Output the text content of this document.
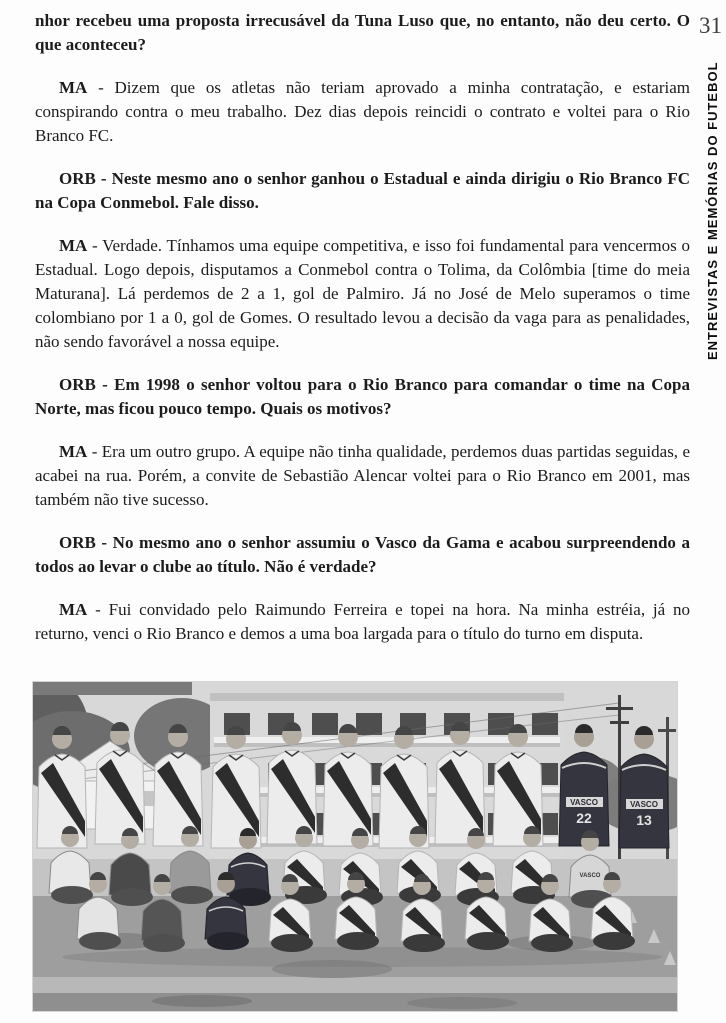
31
ENTREVISTAS E MEMÓRIAS DO FUTEBOL

nhor recebeu uma proposta irrecusável da Tuna Luso que, no entanto, não deu certo. O que aconteceu?

MA - Dizem que os atletas não teriam aprovado a minha contratação, e estariam conspirando contra o meu trabalho. Dez dias depois reincidi o contrato e voltei para o Rio Branco FC.

ORB - Neste mesmo ano o senhor ganhou o Estadual e ainda dirigiu o Rio Branco FC na Copa Conmebol. Fale disso.

MA - Verdade. Tínhamos uma equipe competitiva, e isso foi fundamental para vencermos o Estadual. Logo depois, disputamos a Conmebol contra o Tolima, da Colômbia [time do meia Maturana]. Lá perdemos de 2 a 1, gol de Palmiro. Já no José de Melo superamos o time colombiano por 1 a 0, gol de Gomes. O resultado levou a decisão da vaga para as penalidades, não sendo favorável a nossa equipe.

ORB - Em 1998 o senhor voltou para o Rio Branco para comandar o time na Copa Norte, mas ficou pouco tempo. Quais os motivos?

MA - Era um outro grupo. A equipe não tinha qualidade, perdemos duas partidas seguidas, e acabei na rua. Porém, a convite de Sebastião Alencar voltei para o Rio Branco em 2001, mas também não tive sucesso.

ORB - No mesmo ano o senhor assumiu o Vasco da Gama e acabou surpreendendo a todos ao levar o clube ao título. Não é verdade?

MA - Fui convidado pelo Raimundo Ferreira e topei na hora. Na minha estréia, já no returno, venci o Rio Branco e demos a uma boa largada para o título do turno em disputa.

VASCO	VASCO
22	13
VASCO
